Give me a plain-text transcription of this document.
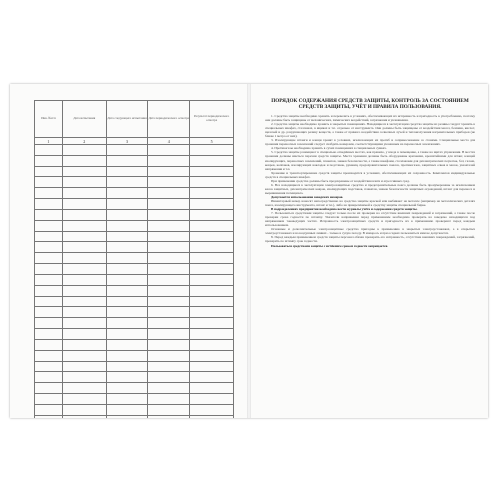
Инв. №п/п	Дата испытания	Дата следующего испытания	Дата периодического осмотра	Результат периодического осмотра
1	2	3	4	5

ПОРЯДОК СОДЕРЖАНИЯ СРЕДСТВ ЗАЩИТЫ, КОНТРОЛЬ ЗА СОСТОЯНИЕМ СРЕДСТВ ЗАЩИТЫ, УЧЁТ И ПРАВИЛА ПОЛЬЗОВАНИЯ.

1. Средства защиты необходимо хранить и перевозить в условиях, обеспечивающих их исправность и пригодность к употреблению, поэтому они должны быть защищены от механических, химических воздействий, загрязнения и увлажнения.

2. Средства защиты необходимо хранить в закрытых помещениях. Находящиеся в эксплуатации средства защиты из резины следует хранить в специальных шкафах, стеллажах, в ящиках и т.п. отдельно от инструмента. Они должны быть защищены от воздействия масел, бензина, кислот, щелочей и др. разрушающих резину веществ, а также от прямого воздействия солнечных лучей и теплоизлучения нагревательных приборов (не ближе 1 метра от них).

3. Изолирующие штанги и клещи хранят в условиях, исключающих их прогиб и соприкосновение со стенами. Специальные места для хранения переносных заземлений следует снабдить номерами, соответствующими указанным на переносных заземлениях.

4. Противогазы необходимо хранить в сухих помещениях в специальных сумках.

5. Средства защиты размещают в специально отведённых местах, как правило, у входа в помещение, а также на щитах управления. В местах хранения должны иметься перечни средств защиты. Места хранения должны быть оборудованы крючками, кронштейнами для штанг, клещей изолирующих, переносных заземлений, плакатов, знаков безопасности, а также шкафами, стеллажами для диэлектрических перчаток, бот, галош, ковров, колпаков, изолирующих накладок и подставок, рукавиц, предохранительных поясов, противогазов, защитных очков и масок, указателей напряжения и т.п.

Хранение и транспортирование средств защиты производятся в условиях, обеспечивающих их сохранность. Комплектов индивидуальные средств в специальных шкафах.

При применении средства должны быть предохранены от воздействия влаги и агрессивных сред.

6. Все находящиеся в эксплуатации электрозащитные средства и предохранительные пояса должны быть пронумерованы за исключением касок защитных, диэлектрических ковров, изолирующих подставок, плакатов, знаков безопасности защитных ограждений, штанг для переноса и выравнивания потенциала.

Допускается использование заводских номеров.

Инвентарный номер наносят непосредственно на средство защиты краской или выбивают на металле (например на металлических деталях пояса, изолирующего инструмента, штанг и т.п.), либо на прикрепляемой к средству защиты специальной бирке.

В подразделениях предприятия необходимо вести журналы учёта и содержания средств защиты.

7. Пользоваться средствами защиты следует только после их проверки на отсутствие внешних повреждений и загрязнений, а также после проверки срока годности по штампу. Указатели напряжения перед применением необходимо проверить на заведомо находящихся под напряжением токоведущих частях. Исправность электрозащитных средств и пригодность их к применению проверяют перед каждым использованием.

Основные и дополнительные электрозащитные средства пригодны к применению в закрытых электроустановках, а в открытых электроустановках и на воздушных линиях - только в сухую погоду. В изморось и при осадках пользоваться ими не допускается.

8. Перед каждым применением средств защиты персонал обязан проверить его исправность, отсутствие внешних повреждений, загрязнений, проверить по штампу срок годности.

Пользоваться средствами защиты с истёкшим сроком годности запрещается.
